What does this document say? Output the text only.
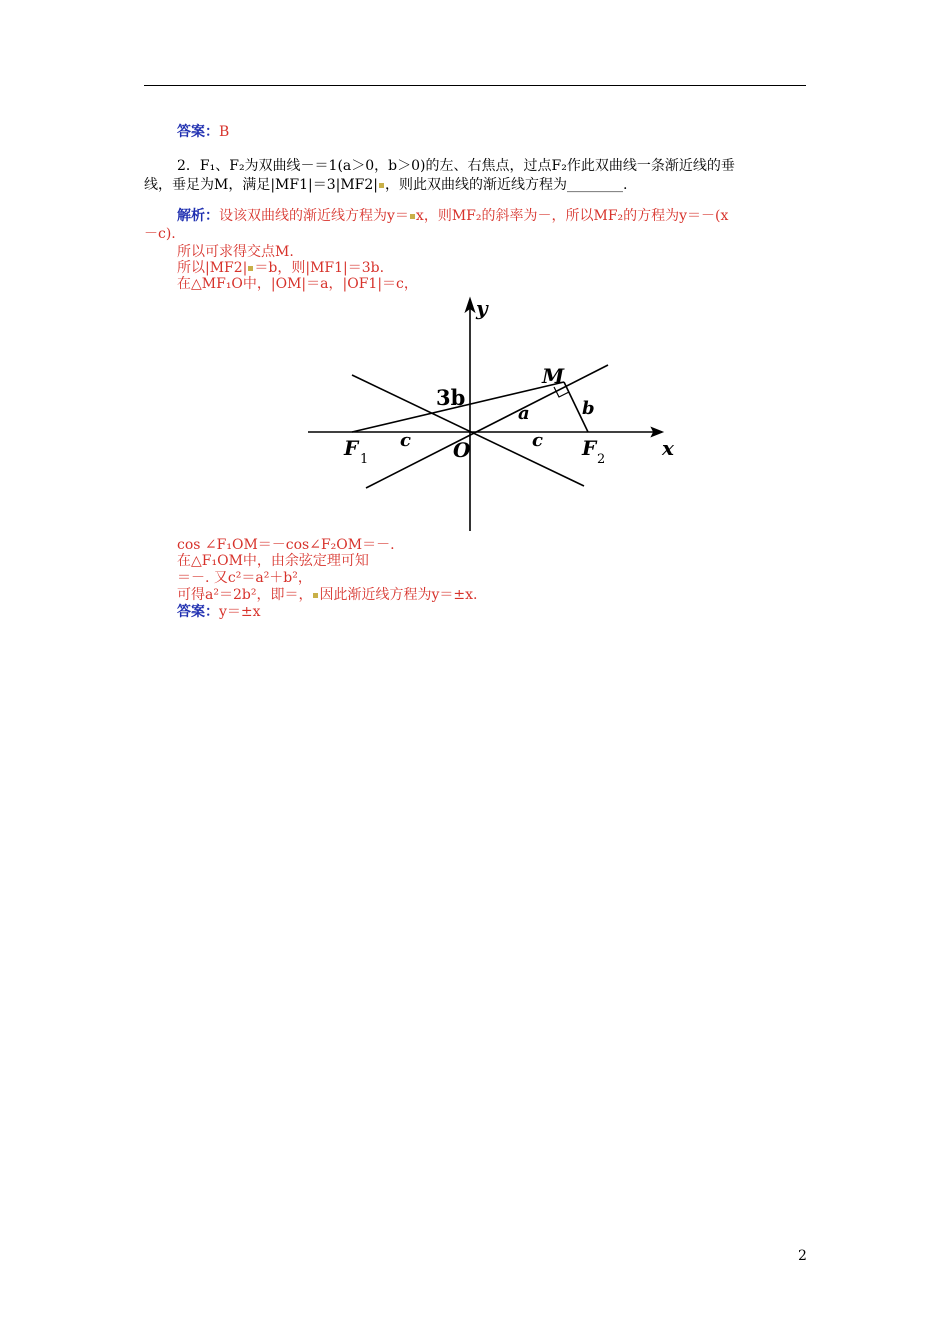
答案：B
2．F₁、F₂为双曲线－＝1(a＞0，b＞0)的左、右焦点，过点F₂作此双曲线一条渐近线的垂
线，垂足为M，满足|MF1|＝3|MF2| ，则此双曲线的渐近线方程为________.
解析：设该双曲线的渐近线方程为y＝ x，则MF₂的斜率为－，所以MF₂的方程为y＝－(x
－c).
所以可求得交点M.
所以|MF2| ＝b，则|MF1|＝3b.
在△MF₁O中，|OM|＝a，|OF1|＝c，
y
x
M
3b
a	b
c	c
O
F 1	F 2
cos ∠F₁OM＝－cos∠F₂OM＝－.
在△F₁OM中，由余弦定理可知
＝－. 又c²＝a²＋b²，
可得a²＝2b²，即＝， 因此渐近线方程为y＝±x.
答案：y＝±x
2
